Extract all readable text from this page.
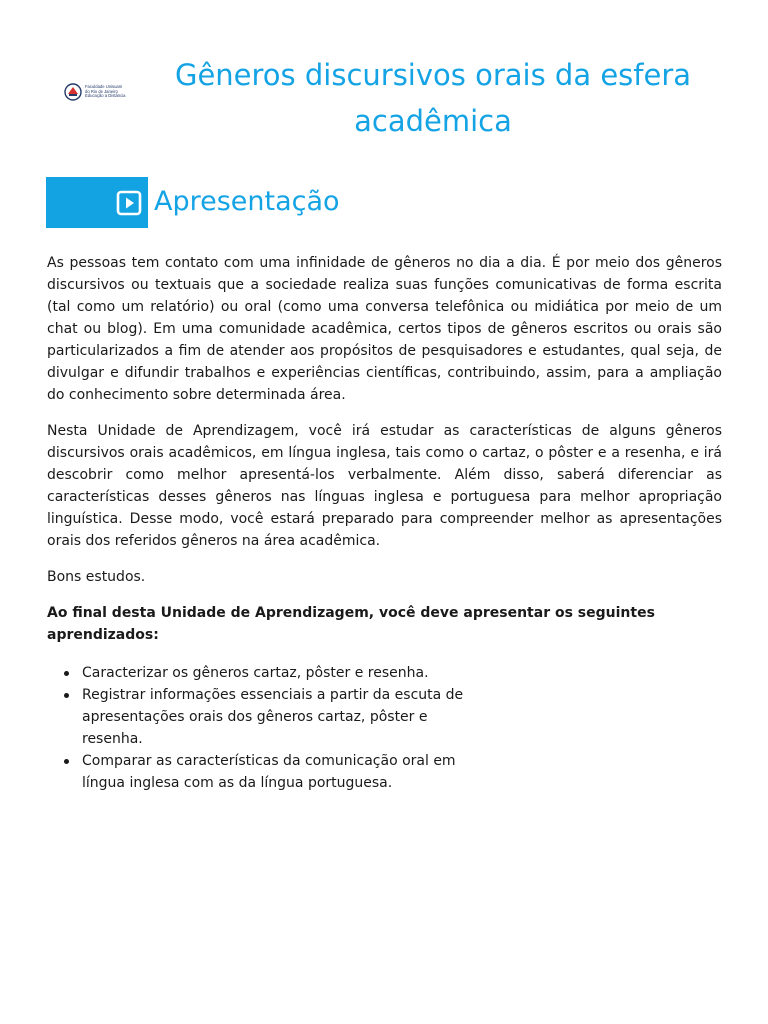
Faculdade Unisuam
do Rio de Janeiro
Educação a Distância
Gêneros discursivos orais da esfera acadêmica
Apresentação

As pessoas tem contato com uma infinidade de gêneros no dia a dia. É por meio dos gêneros discursivos ou textuais que a sociedade realiza suas funções comunicativas de forma escrita (tal como um relatório) ou oral (como uma conversa telefônica ou midiática por meio de um chat ou blog). Em uma comunidade acadêmica, certos tipos de gêneros escritos ou orais são particularizados a fim de atender aos propósitos de pesquisadores e estudantes, qual seja, de divulgar e difundir trabalhos e experiências científicas, contribuindo, assim, para a ampliação do conhecimento sobre determinada área.

Nesta Unidade de Aprendizagem, você irá estudar as características de alguns gêneros discursivos orais acadêmicos, em língua inglesa, tais como o cartaz, o pôster e a resenha, e irá descobrir como melhor apresentá-los verbalmente. Além disso, saberá diferenciar as características desses gêneros nas línguas inglesa e portuguesa para melhor apropriação linguística. Desse modo, você estará preparado para compreender melhor as apresentações orais dos referidos gêneros na área acadêmica.

Bons estudos.

Ao final desta Unidade de Aprendizagem, você deve apresentar os seguintes aprendizados:

Caracterizar os gêneros cartaz, pôster e resenha.
Registrar informações essenciais a partir da escuta de apresentações orais dos gêneros cartaz, pôster e resenha.
Comparar as características da comunicação oral em língua inglesa com as da língua portuguesa.
